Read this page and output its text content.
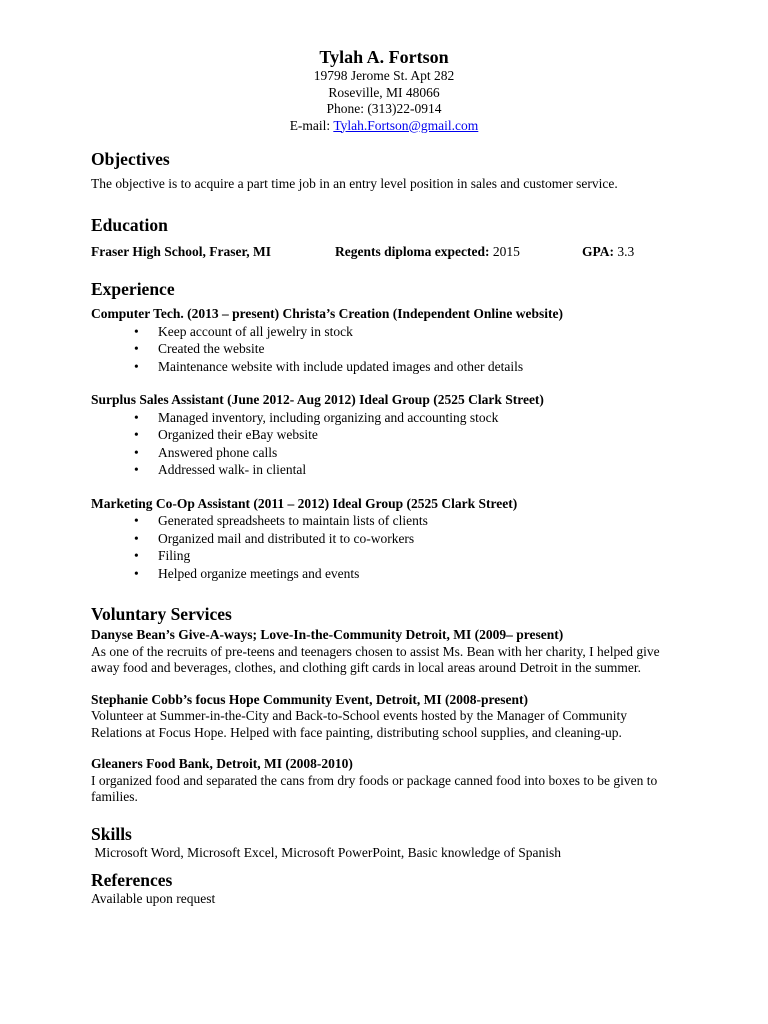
Tylah A. Fortson
19798 Jerome St. Apt 282
Roseville, MI 48066
Phone: (313)22-0914
E-mail: Tylah.Fortson@gmail.com
Objectives
The objective is to acquire a part time job in an entry level position in sales and customer service.
Education
Fraser High School, Fraser, MI	Regents diploma expected: 2015	GPA: 3.3
Experience
Computer Tech. (2013 – present) Christa’s Creation (Independent Online website)
• Keep account of all jewelry in stock
• Created the website
• Maintenance website with include updated images and other details
Surplus Sales Assistant (June 2012- Aug 2012) Ideal Group (2525 Clark Street)
• Managed inventory, including organizing and accounting stock
• Organized their eBay website
• Answered phone calls
• Addressed walk- in cliental
Marketing Co-Op Assistant (2011 – 2012) Ideal Group (2525 Clark Street)
• Generated spreadsheets to maintain lists of clients
• Organized mail and distributed it to co-workers
• Filing
• Helped organize meetings and events
Voluntary Services
Danyse Bean’s Give-A-ways; Love-In-the-Community Detroit, MI (2009– present)
As one of the recruits of pre-teens and teenagers chosen to assist Ms. Bean with her charity, I helped give
away food and beverages, clothes, and clothing gift cards in local areas around Detroit in the summer.
Stephanie Cobb’s focus Hope Community Event, Detroit, MI (2008-present)
Volunteer at Summer-in-the-City and Back-to-School events hosted by the Manager of Community
Relations at Focus Hope. Helped with face painting, distributing school supplies, and cleaning-up.
Gleaners Food Bank, Detroit, MI (2008-2010)
I organized food and separated the cans from dry foods or package canned food into boxes to be given to
families.
Skills
Microsoft Word, Microsoft Excel, Microsoft PowerPoint, Basic knowledge of Spanish
References
Available upon request
